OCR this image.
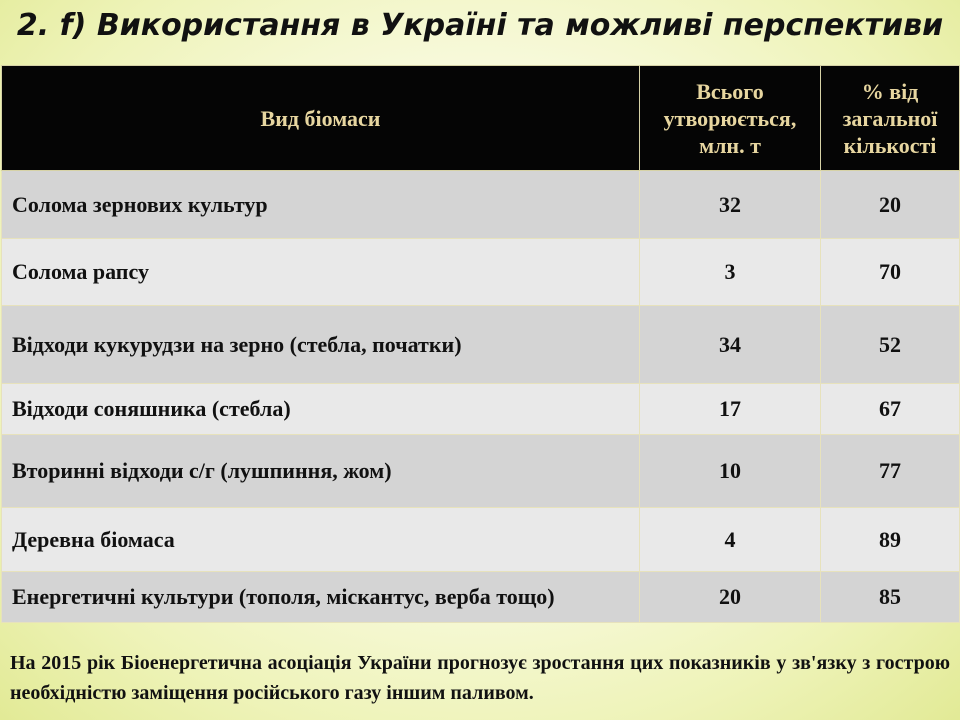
2. f) Використання в Україні та можливі перспективи
Вид біомаси	Всього утворюється, млн. т	% від загальної кількості
Солома зернових культур	32	20
Солома рапсу	3	70
Відходи кукурудзи на зерно (стебла, початки)	34	52
Відходи соняшника (стебла)	17	67
Вторинні відходи с/г (лушпиння, жом)	10	77
Деревна біомаса	4	89
Енергетичні культури (тополя, міскантус, верба тощо)	20	85
На 2015 рік Біоенергетична асоціація України прогнозує зростання цих показників у зв'язку з гострою необхідністю заміщення російського газу іншим паливом.
